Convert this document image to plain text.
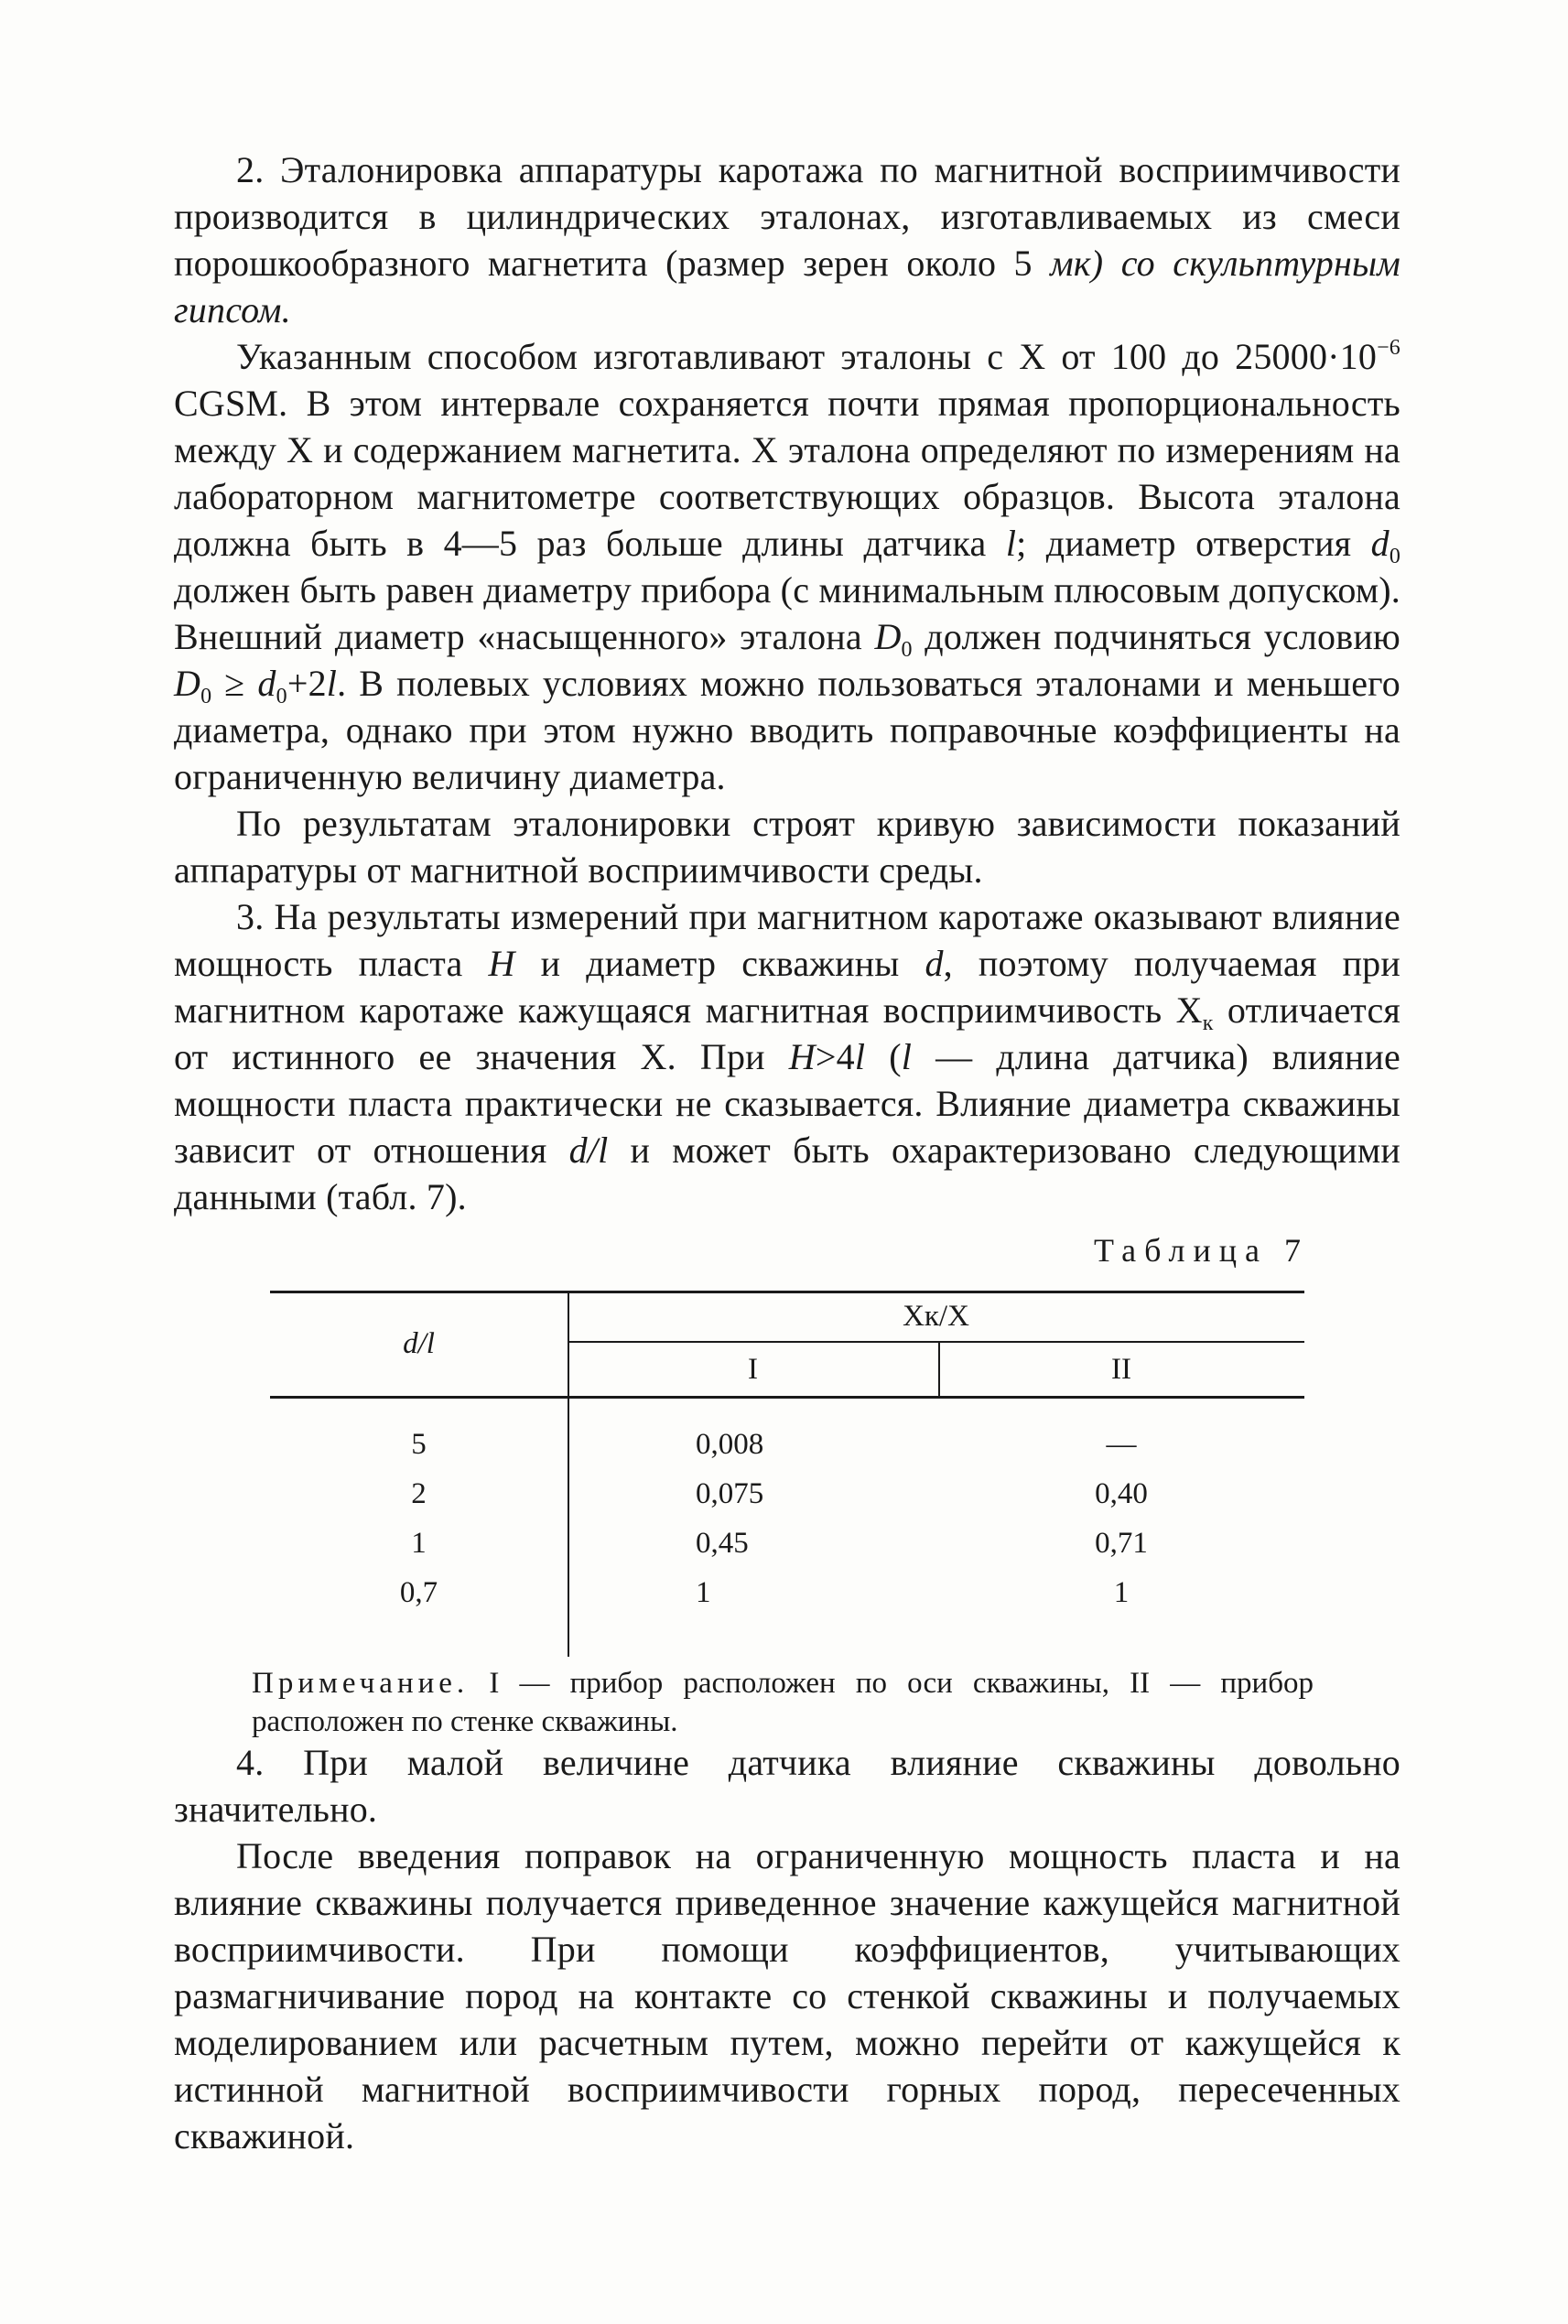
2. Эталонировка аппаратуры каротажа по магнитной восприимчивости производится в цилиндрических эталонах, изготавливаемых из смеси порошкообразного магнетита (размер зерен около 5 мк) со скульптурным гипсом.

Указанным способом изготавливают эталоны с Χ от 100 до $25000\cdot 10^{-6}$ CGSM. В этом интервале сохраняется почти прямая пропорциональность между Χ и содержанием магнетита. Χ эталона определяют по измерениям на лабораторном магнитометре соответствующих образцов. Высота эталона должна быть в 4—5 раз больше длины датчика l; диаметр отверстия $d_0$ должен быть равен диаметру прибора (с минимальным плюсовым допуском). Внешний диаметр «насыщенного» эталона $D_0$ должен подчиняться условию $D_0 \ge d_0+2l$. В полевых условиях можно пользоваться эталонами и меньшего диаметра, однако при этом нужно вводить поправочные коэффициенты на ограниченную величину диаметра.

По результатам эталонировки строят кривую зависимости показаний аппаратуры от магнитной восприимчивости среды.

3. На результаты измерений при магнитном каротаже оказывают влияние мощность пласта H и диаметр скважины d, поэтому получаемая при магнитном каротаже кажущаяся магнитная восприимчивость $X_к$ отличается от истинного ее значения Χ. При H>4l (l — длина датчика) влияние мощности пласта практически не сказывается. Влияние диаметра скважины зависит от отношения d/l и может быть охарактеризовано следующими данными (табл. 7).

Таблица 7
d/l
Χк/Χ
I	II
5	0,008	—
2	0,075	0,40
1	0,45	0,71
0,7	1	1

Примечание. I — прибор расположен по оси скважины, II — прибор расположен по стенке скважины.

4. При малой величине датчика влияние скважины довольно значительно.

После введения поправок на ограниченную мощность пласта и на влияние скважины получается приведенное значение кажущейся магнитной восприимчивости. При помощи коэффициентов, учитывающих размагничивание пород на контакте со стенкой скважины и получаемых моделированием или расчетным путем, можно перейти от кажущейся к истинной магнитной восприимчивости горных пород, пересеченных скважиной.
